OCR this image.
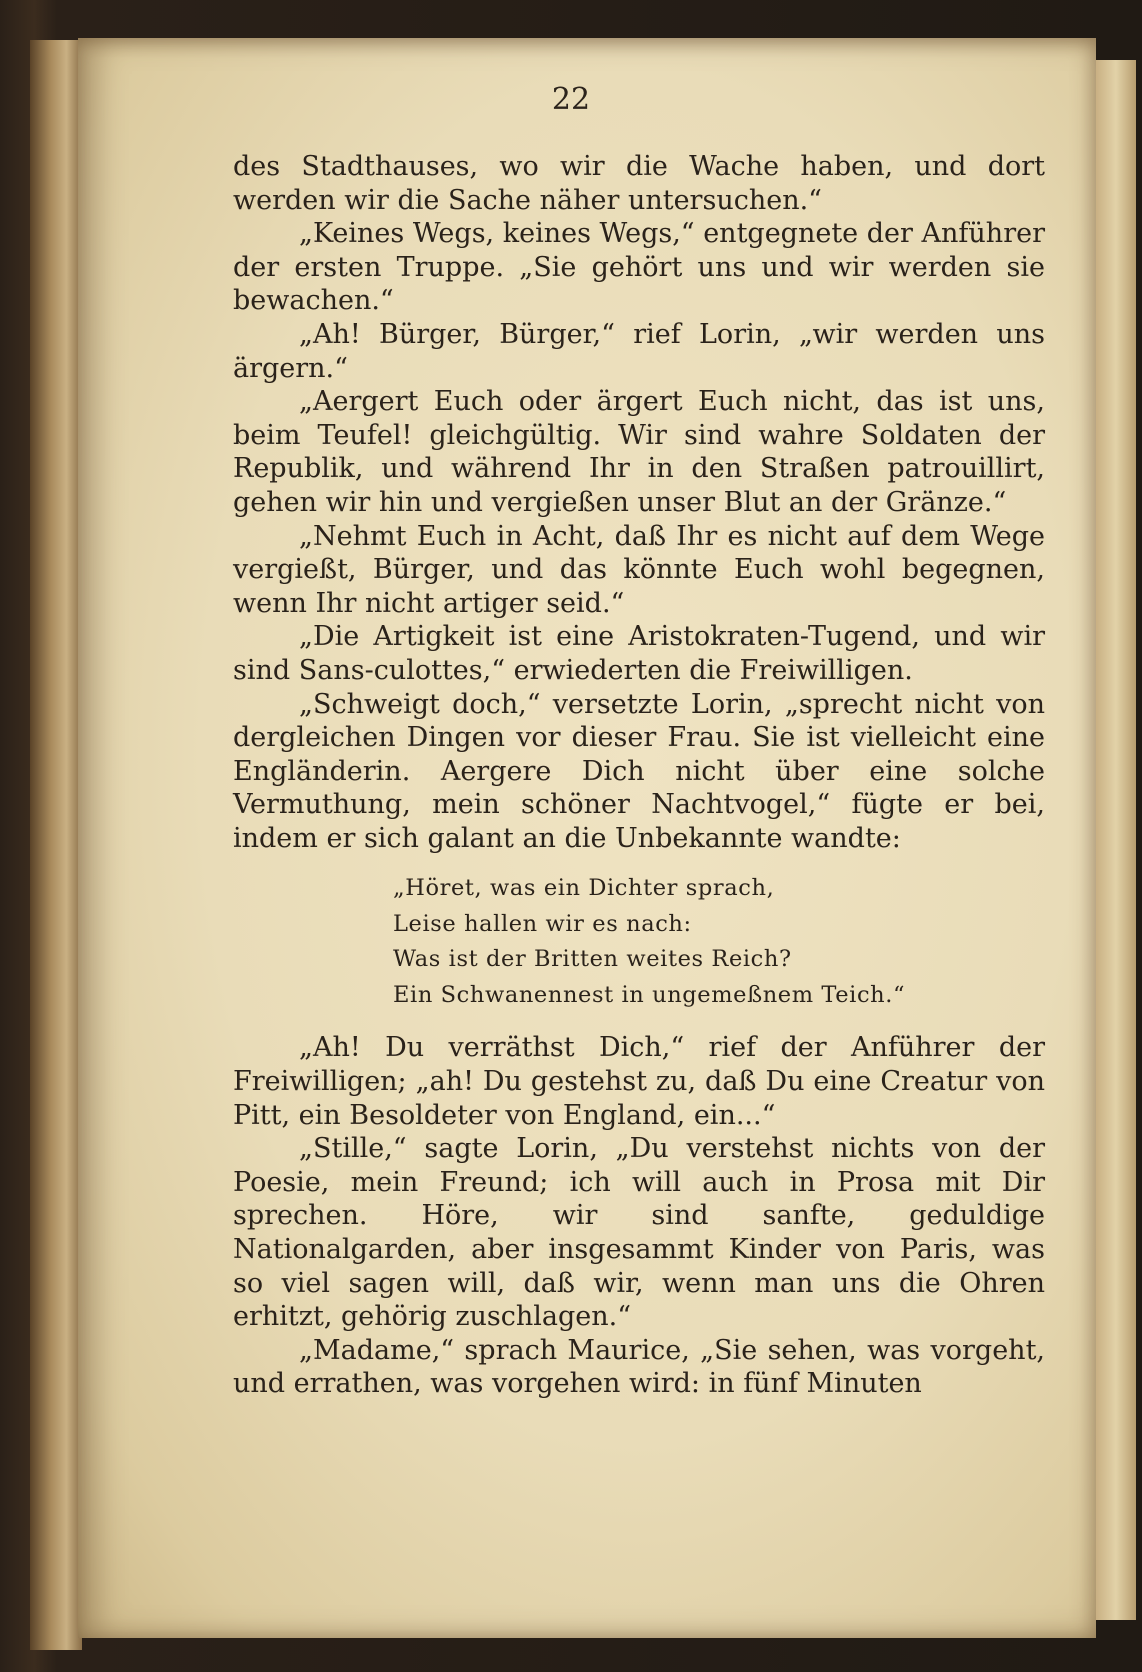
22

des Stadthauses, wo wir die Wache haben, und dort werden wir die Sache näher untersuchen.“

„Keines Wegs, keines Wegs,“ entgegnete der Anführer der ersten Truppe. „Sie gehört uns und wir werden sie bewachen.“

„Ah! Bürger, Bürger,“ rief Lorin, „wir werden uns ärgern.“

„Aergert Euch oder ärgert Euch nicht, das ist uns, beim Teufel! gleichgültig. Wir sind wahre Soldaten der Republik, und während Ihr in den Straßen patrouillirt, gehen wir hin und vergießen unser Blut an der Gränze.“

„Nehmt Euch in Acht, daß Ihr es nicht auf dem Wege vergießt, Bürger, und das könnte Euch wohl begegnen, wenn Ihr nicht artiger seid.“

„Die Artigkeit ist eine Aristokraten-Tugend, und wir sind Sans-culottes,“ erwiederten die Freiwilligen.

„Schweigt doch,“ versetzte Lorin, „sprecht nicht von dergleichen Dingen vor dieser Frau. Sie ist vielleicht eine Engländerin. Aergere Dich nicht über eine solche Vermuthung, mein schöner Nachtvogel,“ fügte er bei, indem er sich galant an die Unbekannte wandte:

„Höret, was ein Dichter sprach,
Leise hallen wir es nach:
Was ist der Britten weites Reich?
Ein Schwanennest in ungemeßnem Teich.“

„Ah! Du verräthst Dich,“ rief der Anführer der Freiwilligen; „ah! Du gestehst zu, daß Du eine Creatur von Pitt, ein Besoldeter von England, ein...“

„Stille,“ sagte Lorin, „Du verstehst nichts von der Poesie, mein Freund; ich will auch in Prosa mit Dir sprechen. Höre, wir sind sanfte, geduldige Nationalgarden, aber insgesammt Kinder von Paris, was so viel sagen will, daß wir, wenn man uns die Ohren erhitzt, gehörig zuschlagen.“

„Madame,“ sprach Maurice, „Sie sehen, was vorgeht, und errathen, was vorgehen wird: in fünf Minuten
